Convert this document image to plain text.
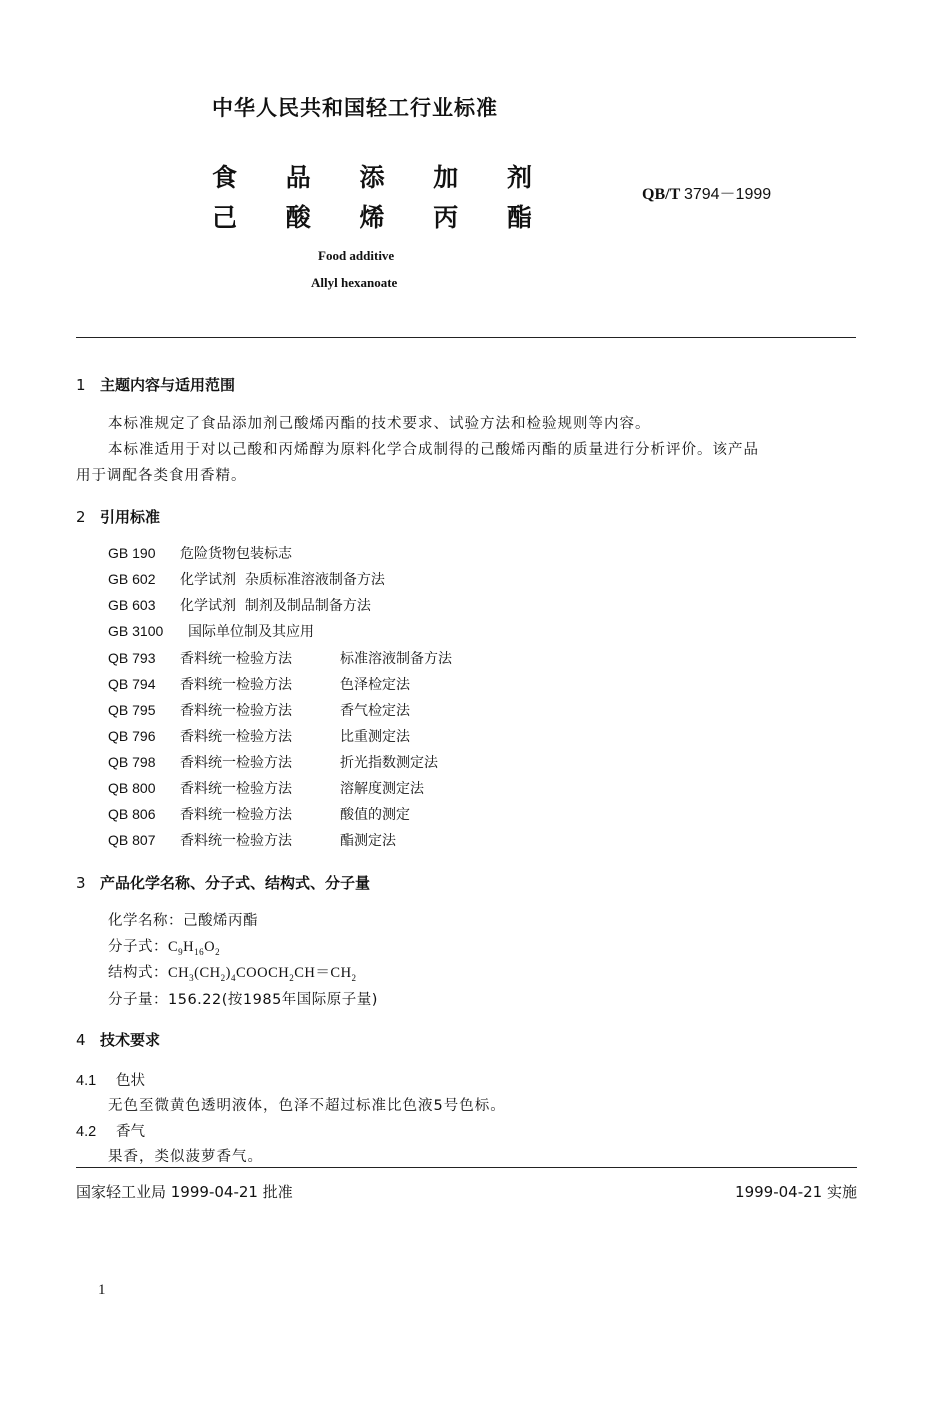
中华人民共和国轻工行业标准
食 品 添 加 剂
己 酸 烯 丙 酯
QB/T 3794－1999
Food additive
Allyl hexanoate
1 主题内容与适用范围
本标准规定了食品添加剂己酸烯丙酯的技术要求、试验方法和检验规则等内容。
本标准适用于对以己酸和丙烯醇为原料化学合成制得的己酸烯丙酯的质量进行分析评价。该产品
用于调配各类食用香精。
2 引用标准
GB 190 危险货物包装标志
GB 602 化学试剂 杂质标准溶液制备方法
GB 603 化学试剂 制剂及制品制备方法
GB 3100 国际单位制及其应用
QB 793 香料统一检验方法	标准溶液制备方法
QB 794 香料统一检验方法	色泽检定法
QB 795 香料统一检验方法	香气检定法
QB 796 香料统一检验方法	比重测定法
QB 798 香料统一检验方法	折光指数测定法
QB 800 香料统一检验方法	溶解度测定法
QB 806 香料统一检验方法	酸值的测定
QB 807 香料统一检验方法	酯测定法
3 产品化学名称、分子式、结构式、分子量
化学名称：己酸烯丙酯
分子式：$C_9H_{16}O_2$
结构式：$CH_3(CH_2)_4COOCH_2CH=CH_2$
分子量：156.22(按1985年国际原子量)
4 技术要求
4.1 色状
无色至微黄色透明液体，色泽不超过标准比色液5号色标。
4.2 香气
果香，类似菠萝香气。
国家轻工业局 1999-04-21 批准	1999-04-21 实施
1
